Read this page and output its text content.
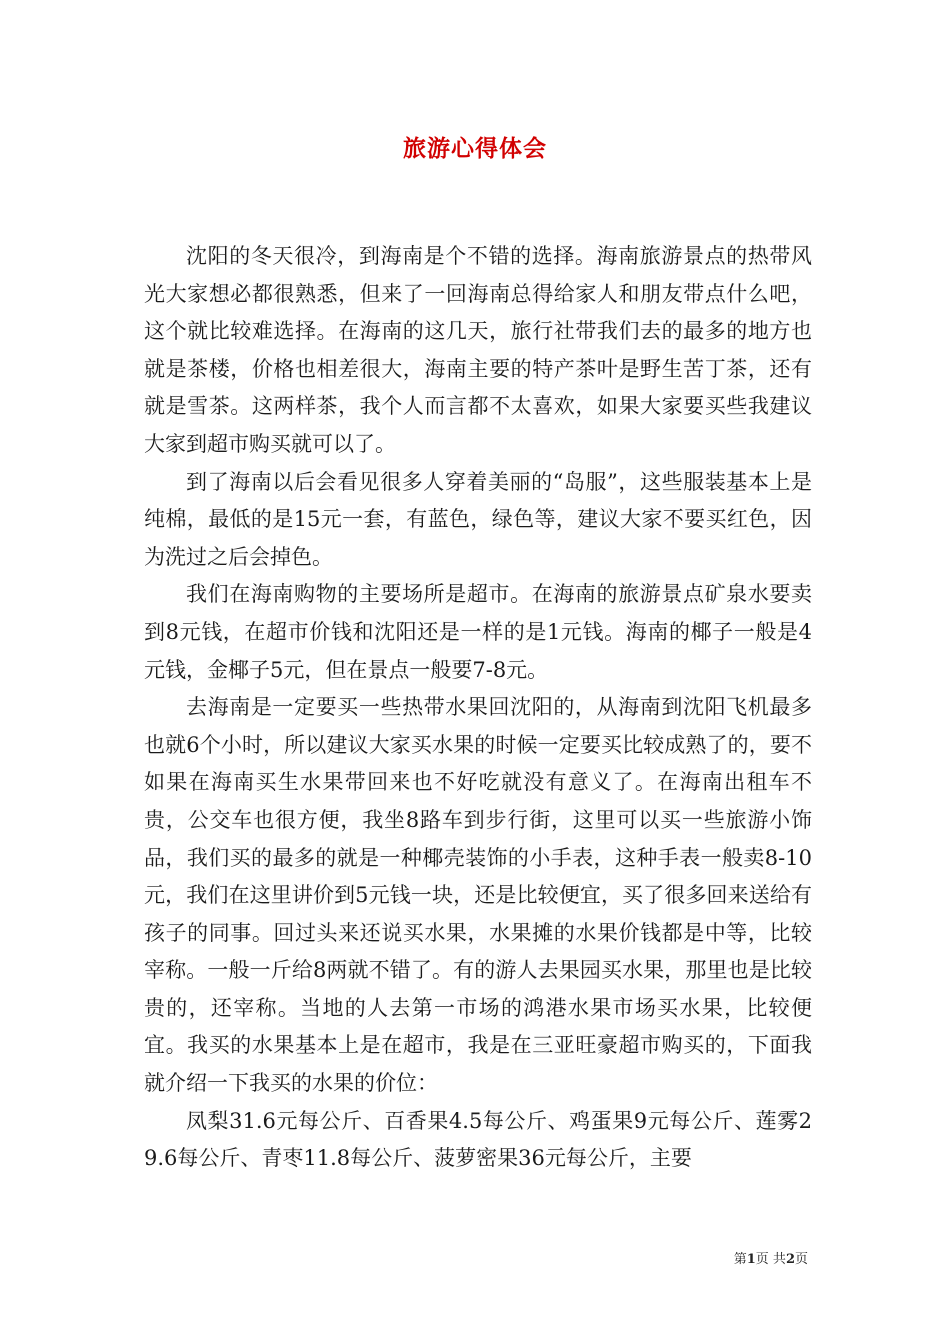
旅游心得体会

沈阳的冬天很冷，到海南是个不错的选择。海南旅游景点的热带风光大家想必都很熟悉，但来了一回海南总得给家人和朋友带点什么吧，这个就比较难选择。在海南的这几天，旅行社带我们去的最多的地方也就是茶楼，价格也相差很大，海南主要的特产茶叶是野生苦丁茶，还有就是雪茶。这两样茶，我个人而言都不太喜欢，如果大家要买些我建议大家到超市购买就可以了。

到了海南以后会看见很多人穿着美丽的“岛服”，这些服装基本上是纯棉，最低的是15元一套，有蓝色，绿色等，建议大家不要买红色，因为洗过之后会掉色。

我们在海南购物的主要场所是超市。在海南的旅游景点矿泉水要卖到8元钱，在超市价钱和沈阳还是一样的是1元钱。海南的椰子一般是4元钱，金椰子5元，但在景点一般要7-8元。

去海南是一定要买一些热带水果回沈阳的，从海南到沈阳飞机最多也就6个小时，所以建议大家买水果的时候一定要买比较成熟了的，要不如果在海南买生水果带回来也不好吃就没有意义了。在海南出租车不贵，公交车也很方便，我坐8路车到步行街，这里可以买一些旅游小饰品，我们买的最多的就是一种椰壳装饰的小手表，这种手表一般卖8-10元，我们在这里讲价到5元钱一块，还是比较便宜，买了很多回来送给有孩子的同事。回过头来还说买水果，水果摊的水果价钱都是中等，比较宰称。一般一斤给8两就不错了。有的游人去果园买水果，那里也是比较贵的，还宰称。当地的人去第一市场的鸿港水果市场买水果，比较便宜。我买的水果基本上是在超市，我是在三亚旺豪超市购买的，下面我就介绍一下我买的水果的价位：

凤梨31.6元每公斤、百香果4.5每公斤、鸡蛋果9元每公斤、莲雾29.6每公斤、青枣11.8每公斤、菠萝密果36元每公斤，主要

第1页 共2页
